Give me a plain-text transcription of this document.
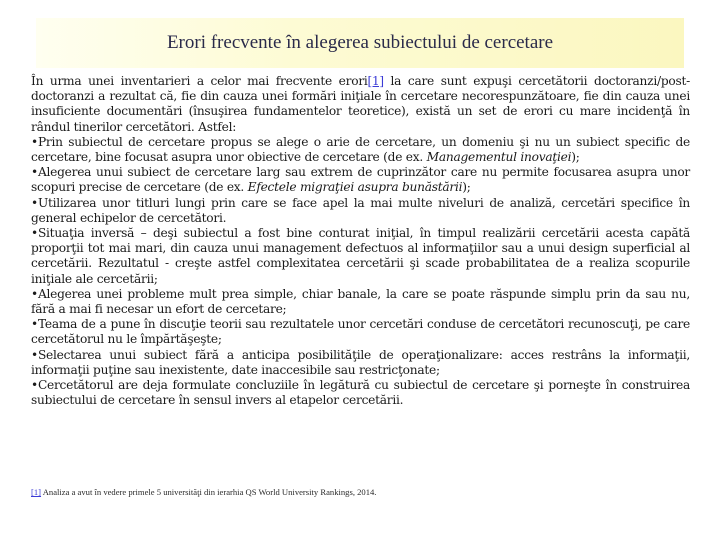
Erori frecvente în alegerea subiectului de cercetare

În urma unei inventarieri a celor mai frecvente erori[1] la care sunt expuşi cercetătorii doctoranzi/post-doctoranzi a rezultat că, fie din cauza unei formări iniţiale în cercetare necorespunzătoare, fie din cauza unei insuficiente documentări (însuşirea fundamentelor teoretice), există un set de erori cu mare incidenţă în rândul tinerilor cercetători. Astfel:

•Prin subiectul de cercetare propus se alege o arie de cercetare, un domeniu şi nu un subiect specific de cercetare, bine focusat asupra unor obiective de cercetare (de ex. Managementul inovaţiei);

•Alegerea unui subiect de cercetare larg sau extrem de cuprinzător care nu permite focusarea asupra unor scopuri precise de cercetare (de ex. Efectele migraţiei asupra bunăstării);

•Utilizarea unor titluri lungi prin care se face apel la mai multe niveluri de analiză, cercetări specifice în general echipelor de cercetători.

•Situaţia inversă – deşi subiectul a fost bine conturat iniţial, în timpul realizării cercetării acesta capătă proporţii tot mai mari, din cauza unui management defectuos al informaţiilor sau a unui design superficial al cercetării. Rezultatul - creşte astfel complexitatea cercetării şi scade probabilitatea de a realiza scopurile iniţiale ale cercetării;

•Alegerea unei probleme mult prea simple, chiar banale, la care se poate răspunde simplu prin da sau nu, fără a mai fi necesar un efort de cercetare;

•Teama de a pune în discuţie teorii sau rezultatele unor cercetări conduse de cercetători recunoscuţi, pe care cercetătorul nu le împărtăşeşte;

•Selectarea unui subiect fără a anticipa posibilităţile de operaţionalizare: acces restrâns la informaţii, informaţii puţine sau inexistente, date inaccesibile sau restricţonate;

•Cercetătorul are deja formulate concluziile în legătură cu subiectul de cercetare şi porneşte în construirea subiectului de cercetare în sensul invers al etapelor cercetării.

[1] Analiza a avut în vedere primele 5 universităţi din ierarhia QS World University Rankings, 2014.
